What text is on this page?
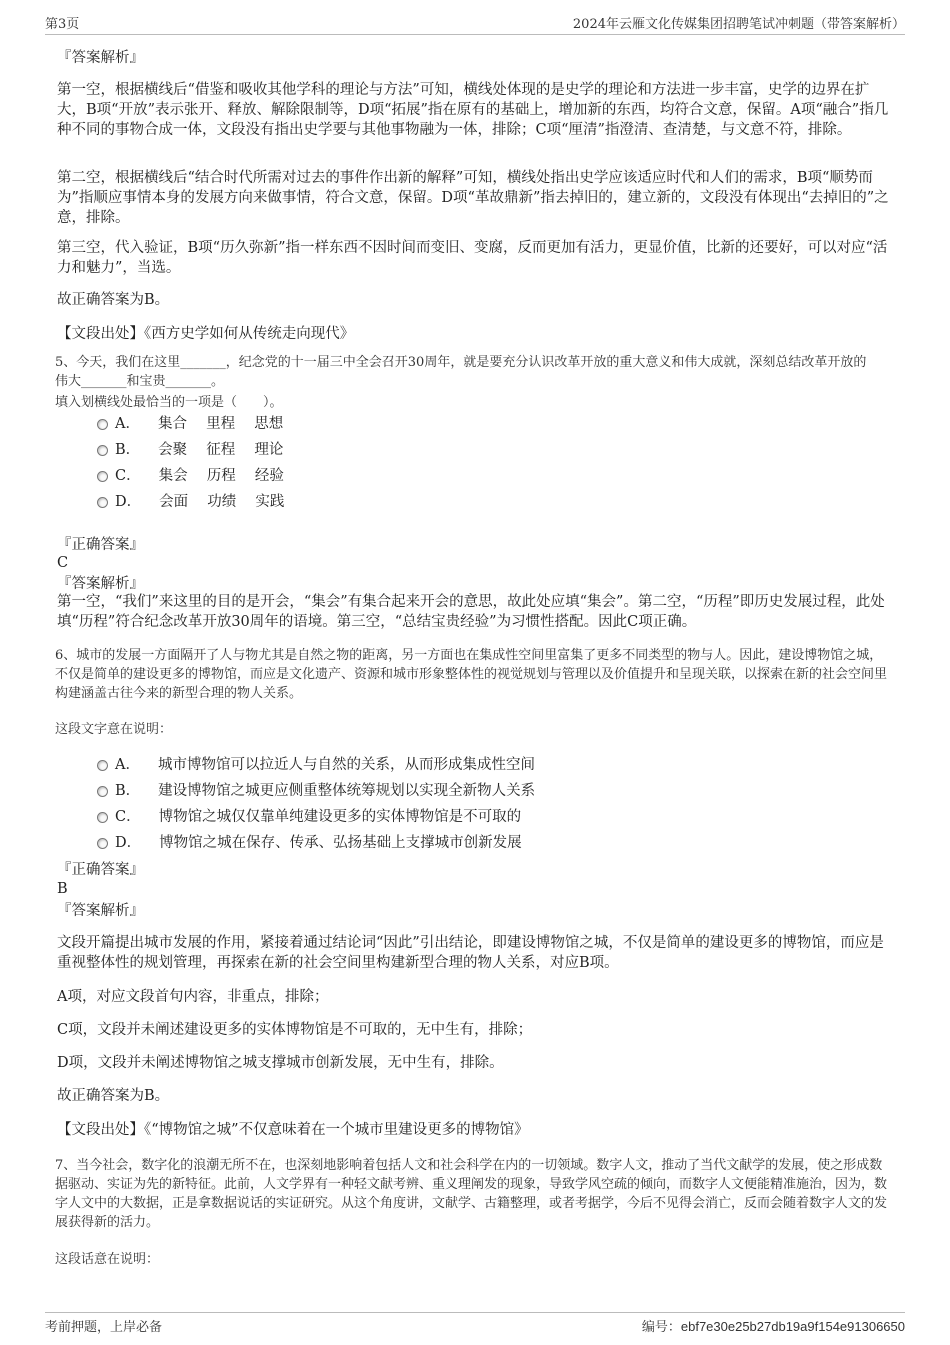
第3页	2024年云雁文化传媒集团招聘笔试冲刺题（带答案解析）
『答案解析』
第一空，根据横线后“借鉴和吸收其他学科的理论与方法”可知，横线处体现的是史学的理论和方法进一步丰富，史学的边界在扩大，B项“开放”表示张开、释放、解除限制等，D项“拓展”指在原有的基础上，增加新的东西，均符合文意，保留。A项“融合”指几种不同的事物合成一体，文段没有指出史学要与其他事物融为一体，排除；C项“厘清”指澄清、查清楚，与文意不符，排除。
第二空，根据横线后“结合时代所需对过去的事件作出新的解释”可知，横线处指出史学应该适应时代和人们的需求，B项“顺势而为”指顺应事情本身的发展方向来做事情，符合文意，保留。D项“革故鼎新”指去掉旧的，建立新的，文段没有体现出“去掉旧的”之意，排除。
第三空，代入验证，B项“历久弥新”指一样东西不因时间而变旧、变腐，反而更加有活力，更显价值，比新的还要好，可以对应“活力和魅力”，当选。
故正确答案为B。
【文段出处】《西方史学如何从传统走向现代》
5、今天，我们在这里_______，纪念党的十一届三中全会召开30周年，就是要充分认识改革开放的重大意义和伟大成就，深刻总结改革开放的
伟大_______和宝贵_______。
填入划横线处最恰当的一项是（　　）。
A． 集合　 里程　 思想
B． 会聚　 征程　 理论
C． 集会　 历程　 经验
D． 会面　 功绩　 实践
『正确答案』
C
『答案解析』
第一空，“我们”来这里的目的是开会，“集会”有集合起来开会的意思，故此处应填“集会”。第二空，“历程”即历史发展过程，此处填“历程”符合纪念改革开放30周年的语境。第三空，“总结宝贵经验”为习惯性搭配。因此C项正确。
6、城市的发展一方面隔开了人与物尤其是自然之物的距离，另一方面也在集成性空间里富集了更多不同类型的物与人。因此，建设博物馆之城，不仅是简单的建设更多的博物馆，而应是文化遗产、资源和城市形象整体性的视觉规划与管理以及价值提升和呈现关联，以探索在新的社会空间里构建涵盖古往今来的新型合理的物人关系。
这段文字意在说明：
A． 城市博物馆可以拉近人与自然的关系，从而形成集成性空间
B． 建设博物馆之城更应侧重整体统筹规划以实现全新物人关系
C． 博物馆之城仅仅靠单纯建设更多的实体博物馆是不可取的
D． 博物馆之城在保存、传承、弘扬基础上支撑城市创新发展
『正确答案』
B
『答案解析』
文段开篇提出城市发展的作用，紧接着通过结论词“因此”引出结论，即建设博物馆之城，不仅是简单的建设更多的博物馆，而应是重视整体性的规划管理，再探索在新的社会空间里构建新型合理的物人关系，对应B项。
A项，对应文段首句内容，非重点，排除；
C项，文段并未阐述建设更多的实体博物馆是不可取的，无中生有，排除；
D项，文段并未阐述博物馆之城支撑城市创新发展，无中生有，排除。
故正确答案为B。
【文段出处】《“博物馆之城”不仅意味着在一个城市里建设更多的博物馆》
7、当今社会，数字化的浪潮无所不在，也深刻地影响着包括人文和社会科学在内的一切领域。数字人文，推动了当代文献学的发展，使之形成数据驱动、实证为先的新特征。此前，人文学界有一种轻文献考辨、重义理阐发的现象，导致学风空疏的倾向，而数字人文便能精准施治，因为，数字人文中的大数据，正是拿数据说话的实证研究。从这个角度讲，文献学、古籍整理，或者考据学，今后不见得会消亡，反而会随着数字人文的发展获得新的活力。
这段话意在说明：
考前押题，上岸必备	编号：ebf7e30e25b27db19a9f154e91306650
